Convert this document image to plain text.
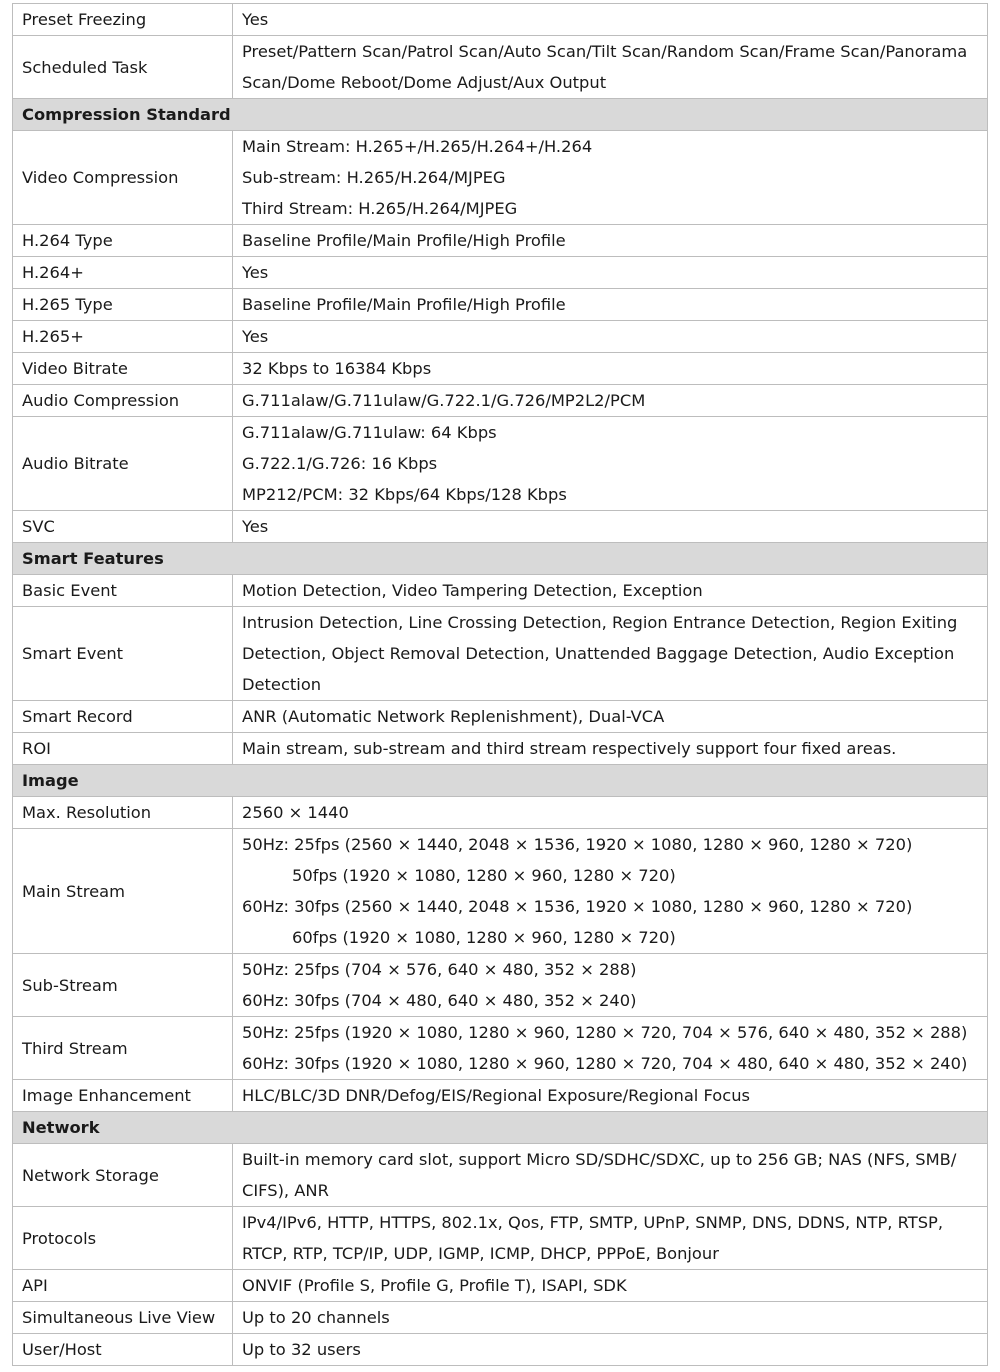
Preset Freezing	Yes

Scheduled Task	Preset/Pattern Scan/Patrol Scan/Auto Scan/Tilt Scan/Random Scan/Frame Scan/Panorama
Scan/Dome Reboot/Dome Adjust/Aux Output

Compression Standard	
Video Compression	Main Stream: H.265+/H.265/H.264+/H.264
Sub-stream: H.265/H.264/MJPEG
Third Stream: H.265/H.264/MJPEG

H.264 Type	Baseline Profile/Main Profile/High Profile

H.264+	Yes

H.265 Type	Baseline Profile/Main Profile/High Profile

H.265+	Yes

Video Bitrate	32 Kbps to 16384 Kbps

Audio Compression	G.711alaw/G.711ulaw/G.722.1/G.726/MP2L2/PCM

Audio Bitrate	G.711alaw/G.711ulaw: 64 Kbps
G.722.1/G.726: 16 Kbps
MP212/PCM: 32 Kbps/64 Kbps/128 Kbps

SVC	Yes

Smart Features	
Basic Event	Motion Detection, Video Tampering Detection, Exception

Smart Event	Intrusion Detection, Line Crossing Detection, Region Entrance Detection, Region Exiting
Detection, Object Removal Detection, Unattended Baggage Detection, Audio Exception
Detection

Smart Record	ANR (Automatic Network Replenishment), Dual-VCA

ROI	Main stream, sub-stream and third stream respectively support four fixed areas.

Image	
Max. Resolution	2560 × 1440

Main Stream	50Hz: 25fps (2560 × 1440, 2048 × 1536, 1920 × 1080, 1280 × 960, 1280 × 720)
50fps (1920 × 1080, 1280 × 960, 1280 × 720)
60Hz: 30fps (2560 × 1440, 2048 × 1536, 1920 × 1080, 1280 × 960, 1280 × 720)
60fps (1920 × 1080, 1280 × 960, 1280 × 720)

Sub-Stream	50Hz: 25fps (704 × 576, 640 × 480, 352 × 288)
60Hz: 30fps (704 × 480, 640 × 480, 352 × 240)

Third Stream	50Hz: 25fps (1920 × 1080, 1280 × 960, 1280 × 720, 704 × 576, 640 × 480, 352 × 288)
60Hz: 30fps (1920 × 1080, 1280 × 960, 1280 × 720, 704 × 480, 640 × 480, 352 × 240)

Image Enhancement	HLC/BLC/3D DNR/Defog/EIS/Regional Exposure/Regional Focus

Network	
Network Storage	Built-in memory card slot, support Micro SD/SDHC/SDXC, up to 256 GB; NAS (NFS, SMB/
CIFS), ANR

Protocols	IPv4/IPv6, HTTP, HTTPS, 802.1x, Qos, FTP, SMTP, UPnP, SNMP, DNS, DDNS, NTP, RTSP,
RTCP, RTP, TCP/IP, UDP, IGMP, ICMP, DHCP, PPPoE, Bonjour

API	ONVIF (Profile S, Profile G, Profile T), ISAPI, SDK

Simultaneous Live View	Up to 20 channels

User/Host	Up to 32 users
